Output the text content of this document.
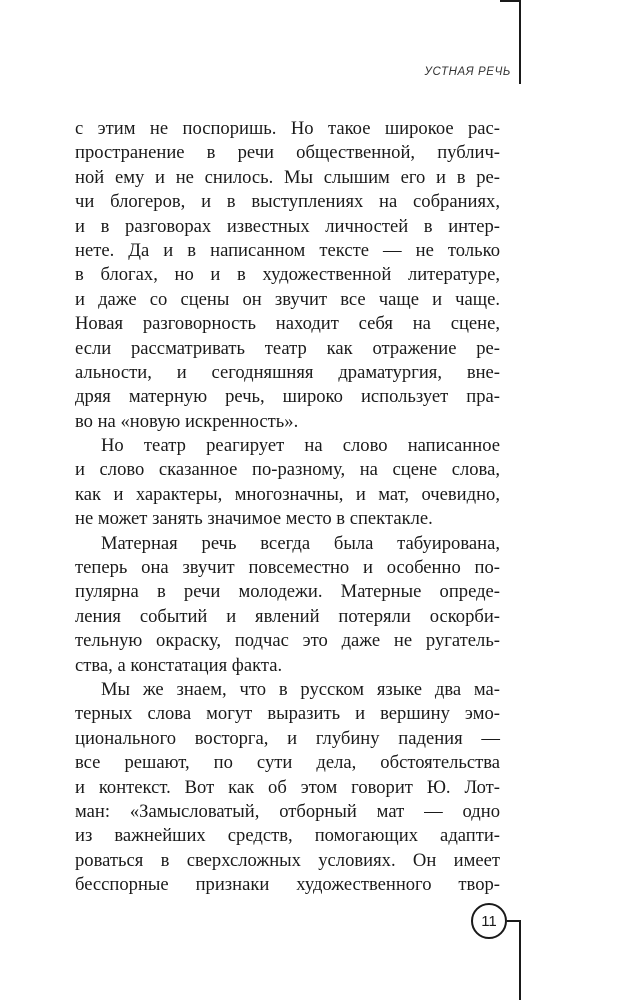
УСТНАЯ РЕЧЬ
с этим не поспоришь. Но такое широкое рас-
пространение в речи общественной, публич-
ной ему и не снилось. Мы слышим его и в ре-
чи блогеров, и в выступлениях на собраниях,
и в разговорах известных личностей в интер-
нете. Да и в написанном тексте — не только
в блогах, но и в художественной литературе,
и даже со сцены он звучит все чаще и чаще.
Новая разговорность находит себя на сцене,
если рассматривать театр как отражение ре-
альности, и сегодняшняя драматургия, вне-
дряя матерную речь, широко использует пра-
во на «новую искренность».
Но театр реагирует на слово написанное
и слово сказанное по-разному, на сцене слова,
как и характеры, многозначны, и мат, очевидно,
не может занять значимое место в спектакле.
Матерная речь всегда была табуирована,
теперь она звучит повсеместно и особенно по-
пулярна в речи молодежи. Матерные опреде-
ления событий и явлений потеряли оскорби-
тельную окраску, подчас это даже не ругатель-
ства, а констатация факта.
Мы же знаем, что в русском языке два ма-
терных слова могут выразить и вершину эмо-
ционального восторга, и глубину падения —
все решают, по сути дела, обстоятельства
и контекст. Вот как об этом говорит Ю. Лот-
ман: «Замысловатый, отборный мат — одно
из важнейших средств, помогающих адапти-
роваться в сверхсложных условиях. Он имеет
бесспорные признаки художественного твор-
11
